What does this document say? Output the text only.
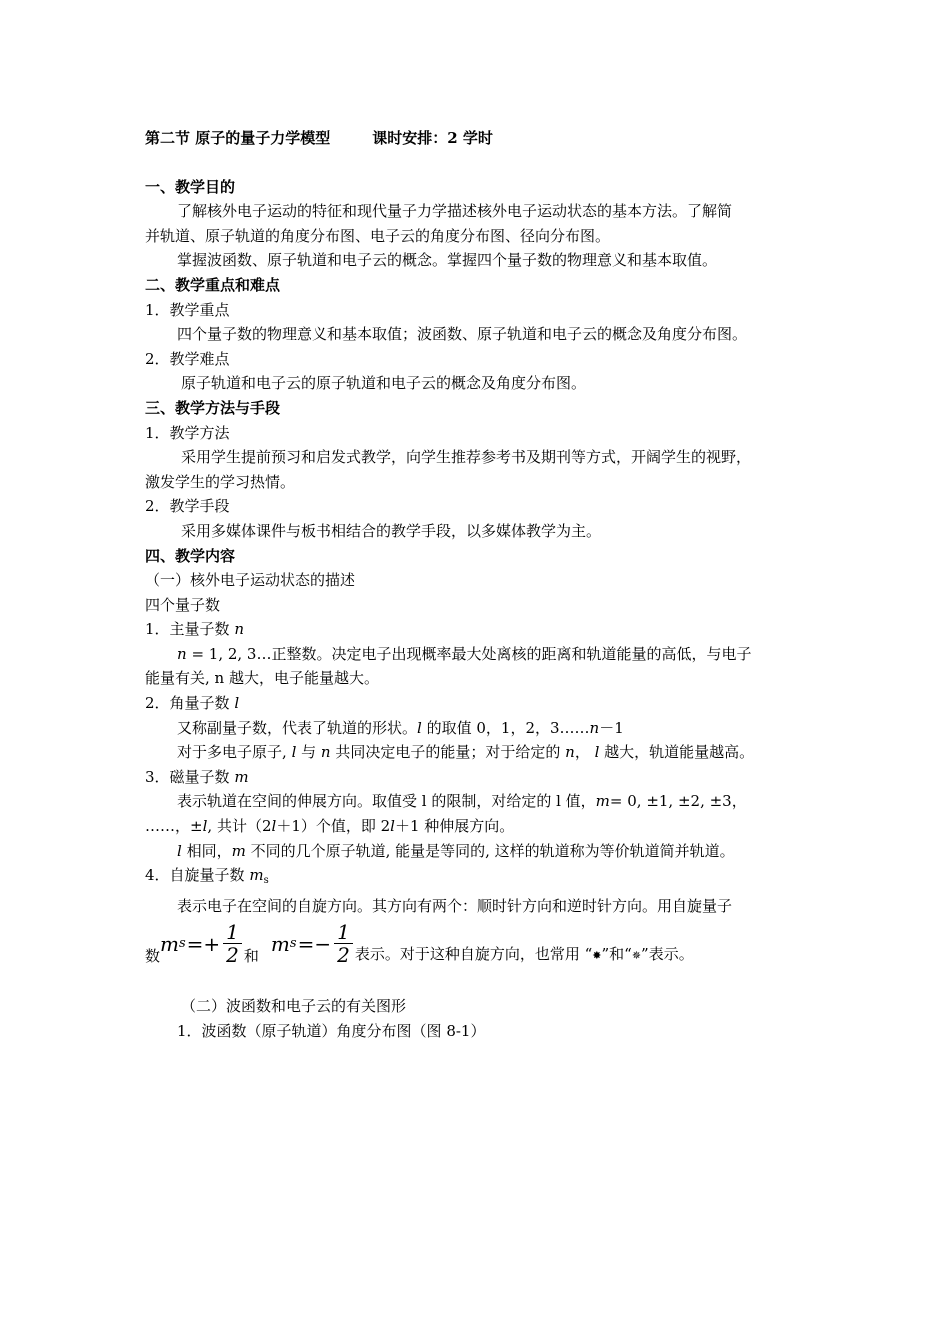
第二节 原子的量子力学模型	课时安排：2 学时

一、教学目的

了解核外电子运动的特征和现代量子力学描述核外电子运动状态的基本方法。了解简

并轨道、原子轨道的角度分布图、电子云的角度分布图、径向分布图。

掌握波函数、原子轨道和电子云的概念。掌握四个量子数的物理意义和基本取值。

二、教学重点和难点

1．教学重点

四个量子数的物理意义和基本取值；波函数、原子轨道和电子云的概念及角度分布图。

2．教学难点

原子轨道和电子云的原子轨道和电子云的概念及角度分布图。

三、教学方法与手段

1．教学方法

采用学生提前预习和启发式教学，向学生推荐参考书及期刊等方式，开阔学生的视野，

激发学生的学习热情。

2．教学手段

采用多媒体课件与板书相结合的教学手段，以多媒体教学为主。

四、教学内容

（一）核外电子运动状态的描述

四个量子数

1．主量子数 n

n = 1, 2, 3…正整数。决定电子出现概率最大处离核的距离和轨道能量的高低，与电子

能量有关, n 越大，电子能量越大。

2．角量子数 l

又称副量子数，代表了轨道的形状。l 的取值 0，1，2，3……n－1

对于多电子原子, l 与 n 共同决定电子的能量；对于给定的 n， l 越大，轨道能量越高。

3．磁量子数 m

表示轨道在空间的伸展方向。取值受 l 的限制，对给定的 l 值，m= 0, ±1, ±2, ±3，

……，±l, 共计（2l＋1）个值，即 2l＋1 种伸展方向。

l 相同，m 不同的几个原子轨道, 能量是等同的, 这样的轨道称为等价轨道简并轨道。

4．自旋量子数 $m_s$

表示电子在空间的自旋方向。其方向有两个：顺时针方向和逆时针方向。用自旋量子

数
m $s =+ \frac{1}{2}$ 和
m $s =- \frac{1}{2}$ 表示。对于这种自旋方向，也常用 “✸”和“✵”表示。

（二）波函数和电子云的有关图形

1．波函数（原子轨道）角度分布图（图 8-1）
